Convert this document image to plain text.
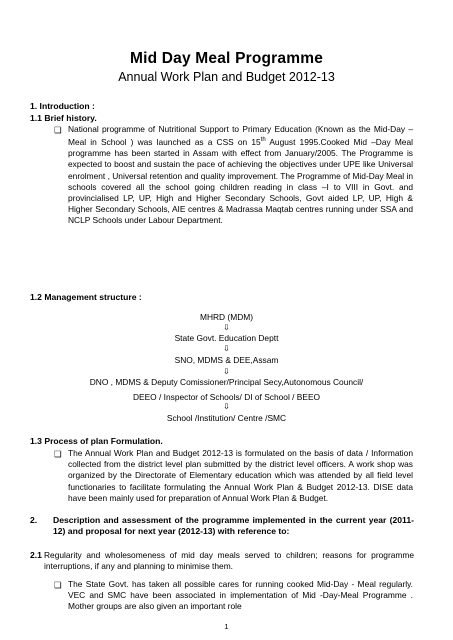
Mid Day Meal Programme
Annual Work Plan and Budget 2012-13
1. Introduction :
1.1 Brief history.
❏ National programme of Nutritional Support to Primary Education (Known as the Mid-Day –Meal in School ) was launched as a CSS on 15th August 1995.Cooked Mid –Day Meal programme has been started in Assam with effect from January/2005. The Programme is expected to boost and sustain the pace of achieving the objectives under UPE like Universal enrolment , Universal retention and quality improvement. The Programme of Mid-Day Meal in schools covered all the school going children reading in class –I to VIII in Govt. and provincialised LP, UP, High and Higher Secondary Schools, Govt aided LP, UP, High & Higher Secondary Schools, AIE centres & Madrassa Maqtab centres running under SSA and NCLP Schools under Labour Department.
1.2 Management structure :
MHRD (MDM)
⇩
State Govt. Education Deptt
⇩
SNO, MDMS & DEE,Assam
⇩
DNO , MDMS & Deputy Comissioner/Principal Secy,Autonomous Council/
DEEO / Inspector of Schools/ DI of School / BEEO
⇩
School /Institution/ Centre /SMC
1.3 Process of plan Formulation.
❏ The Annual Work Plan and Budget 2012-13 is formulated on the basis of data / Information collected from the district level plan submitted by the district level officers. A work shop was organized by the Directorate of Elementary education which was attended by all field level functionaries to facilitate formulating the Annual Work Plan & Budget 2012-13. DISE data have been mainly used for preparation of Annual Work Plan & Budget.
2. Description and assessment of the programme implemented in the current year (2011-12) and proposal for next year (2012-13) with reference to:
2.1 Regularity and wholesomeness of mid day meals served to children; reasons for programme interruptions, if any and planning to minimise them.
❏ The State Govt. has taken all possible cares for running cooked Mid-Day - Meal regularly. VEC and SMC have been associated in implementation of Mid -Day-Meal Programme . Mother groups are also given an important role
1
